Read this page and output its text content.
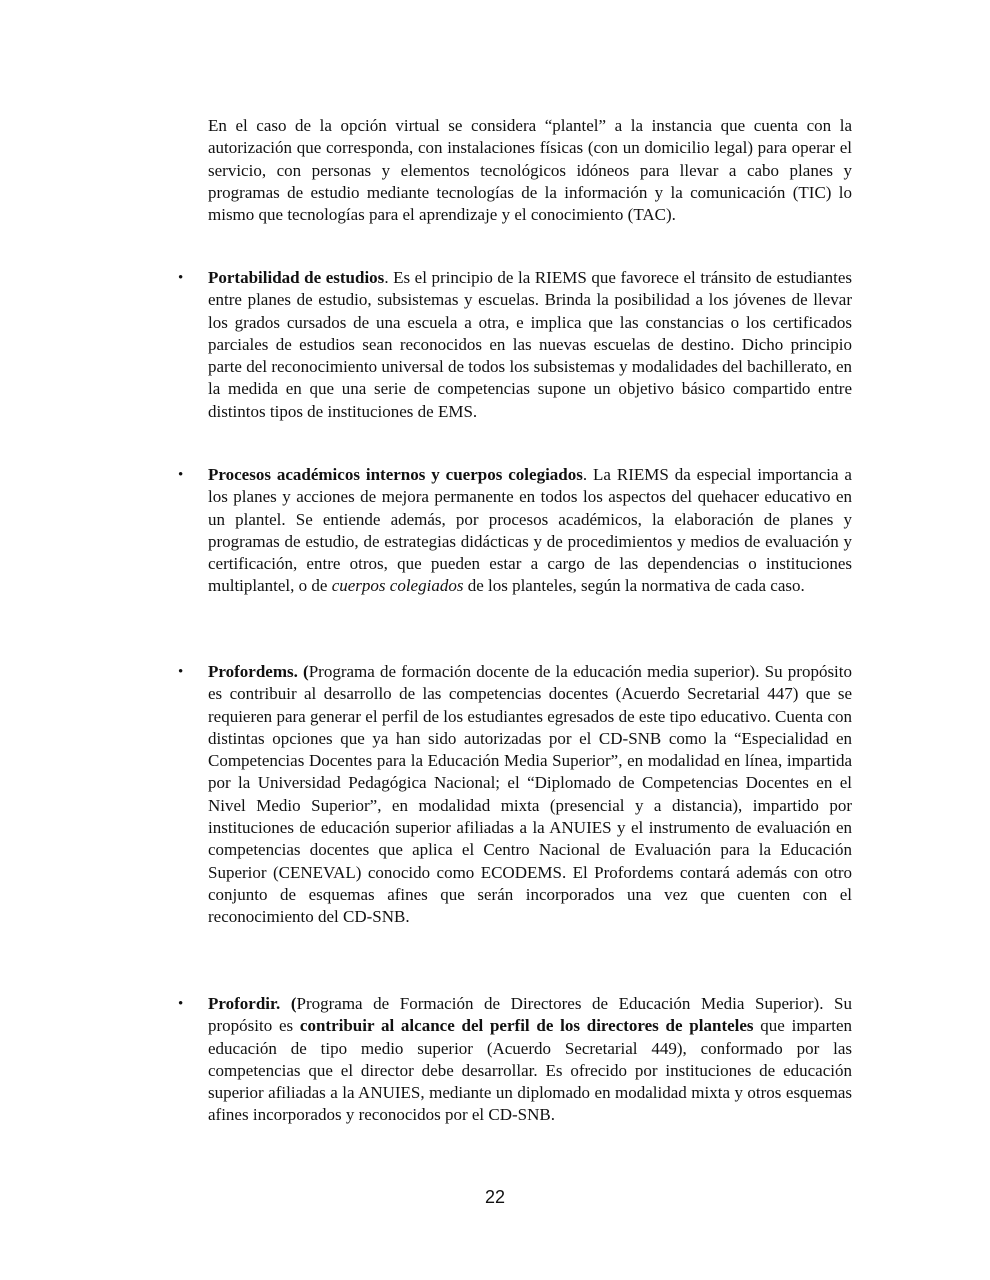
En el caso de la opción virtual se considera “plantel” a la instancia que cuenta con la autorización que corresponda, con instalaciones físicas (con un domicilio legal) para operar el servicio, con personas y elementos tecnológicos idóneos para llevar a cabo planes y programas de estudio mediante tecnologías de la información y la comunicación (TIC) lo mismo que tecnologías para el aprendizaje y el conocimiento (TAC).
• Portabilidad de estudios. Es el principio de la RIEMS que favorece el tránsito de estudiantes entre planes de estudio, subsistemas y escuelas. Brinda la posibilidad a los jóvenes de llevar los grados cursados de una escuela a otra, e implica que las constancias o los certificados parciales de estudios sean reconocidos en las nuevas escuelas de destino. Dicho principio parte del reconocimiento universal de todos los subsistemas y modalidades del bachillerato, en la medida en que una serie de competencias supone un objetivo básico compartido entre distintos tipos de instituciones de EMS.
• Procesos académicos internos y cuerpos colegiados. La RIEMS da especial importancia a los planes y acciones de mejora permanente en todos los aspectos del quehacer educativo en un plantel. Se entiende además, por procesos académicos, la elaboración de planes y programas de estudio, de estrategias didácticas y de procedimientos y medios de evaluación y certificación, entre otros, que pueden estar a cargo de las dependencias o instituciones multiplantel, o de cuerpos colegiados de los planteles, según la normativa de cada caso.
• Profordems. (Programa de formación docente de la educación media superior). Su propósito es contribuir al desarrollo de las competencias docentes (Acuerdo Secretarial 447) que se requieren para generar el perfil de los estudiantes egresados de este tipo educativo. Cuenta con distintas opciones que ya han sido autorizadas por el CD-SNB como la “Especialidad en Competencias Docentes para la Educación Media Superior”, en modalidad en línea, impartida por la Universidad Pedagógica Nacional; el “Diplomado de Competencias Docentes en el Nivel Medio Superior”, en modalidad mixta (presencial y a distancia), impartido por instituciones de educación superior afiliadas a la ANUIES y el instrumento de evaluación en competencias docentes que aplica el Centro Nacional de Evaluación para la Educación Superior (CENEVAL) conocido como ECODEMS. El Profordems contará además con otro conjunto de esquemas afines que serán incorporados una vez que cuenten con el reconocimiento del CD-SNB.
• Profordir. (Programa de Formación de Directores de Educación Media Superior). Su propósito es contribuir al alcance del perfil de los directores de planteles que imparten educación de tipo medio superior (Acuerdo Secretarial 449), conformado por las competencias que el director debe desarrollar. Es ofrecido por instituciones de educación superior afiliadas a la ANUIES, mediante un diplomado en modalidad mixta y otros esquemas afines incorporados y reconocidos por el CD-SNB.
22
